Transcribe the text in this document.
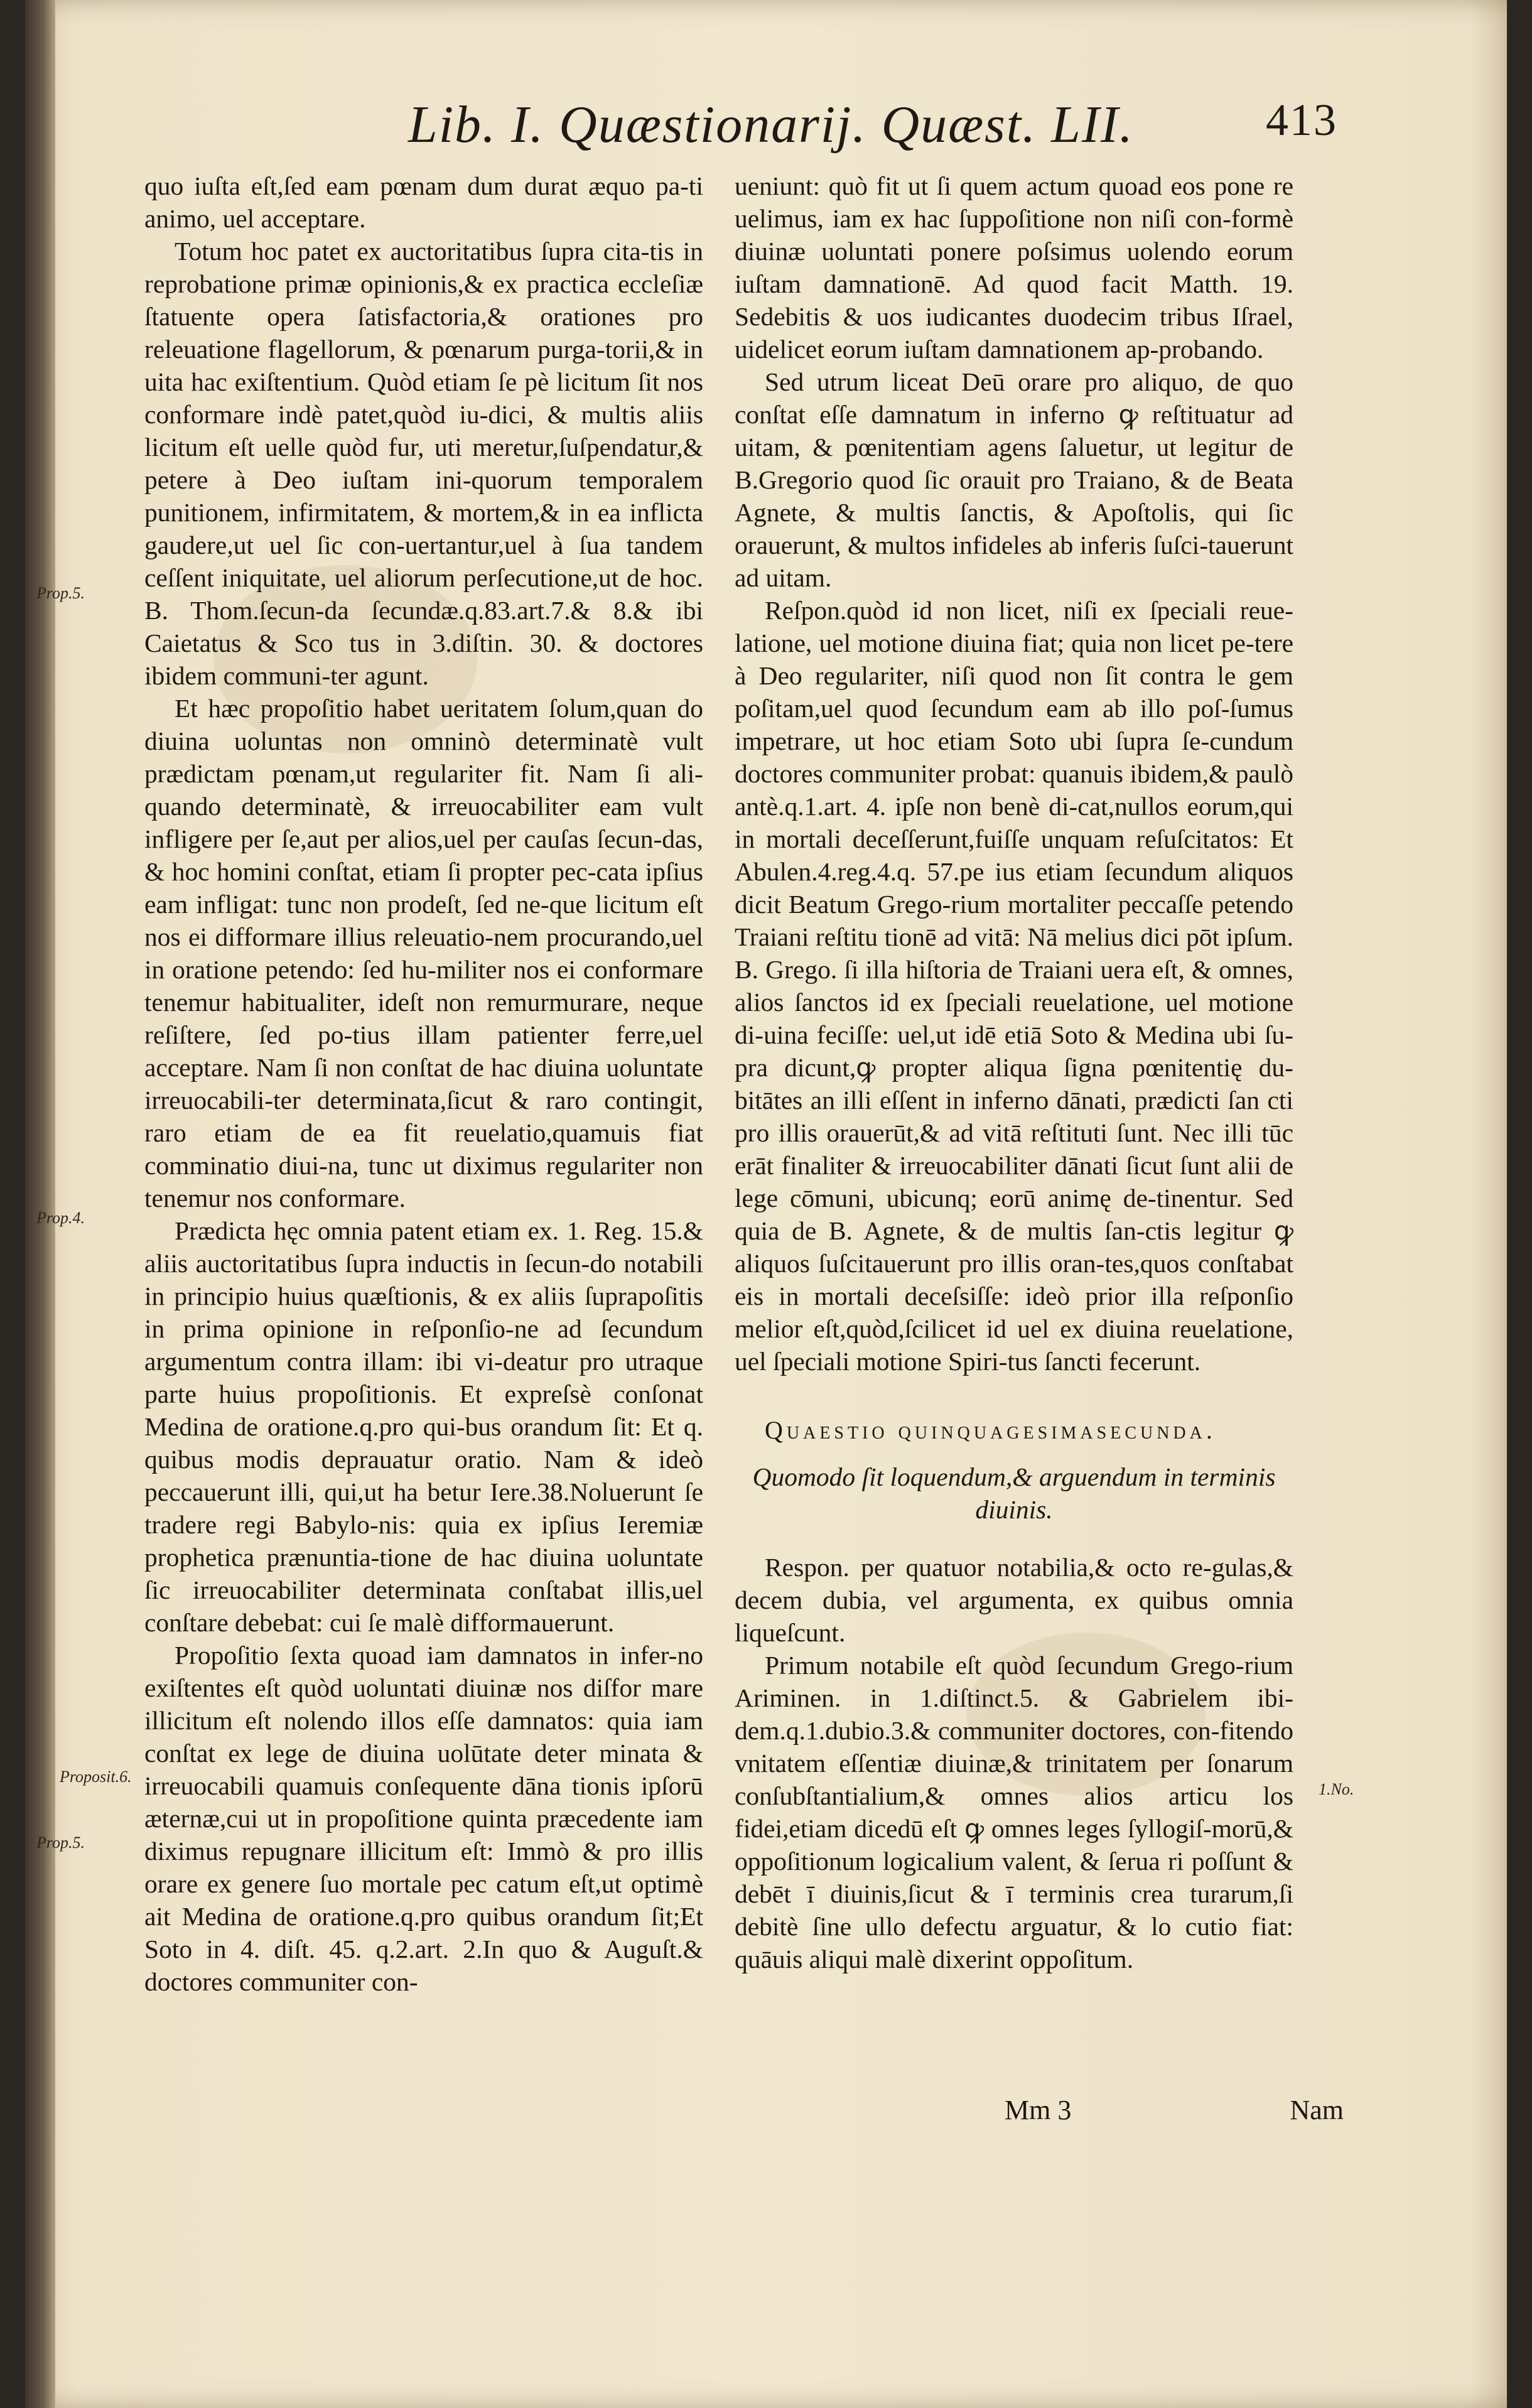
Lib. I. Quæstionarij. Quæst. LII.	413
Prop.5.
Prop.4.
Proposit.6.
Prop.5.
1.No.

quo iuſta eſt,ſed eam pœnam dum durat æquo pa-ti animo, uel acceptare.

Totum hoc patet ex auctoritatibus ſupra cita-tis in reprobatione primæ opinionis,& ex practica eccleſiæ ſtatuente opera ſatisfactoria,& orationes pro releuatione flagellorum, & pœnarum purga-torii,& in uita hac exiſtentium. Quòd etiam ſe pè licitum ſit nos conformare indè patet,quòd iu-dici, & multis aliis licitum eſt uelle quòd fur, uti meretur,ſuſpendatur,& petere à Deo iuſtam ini-quorum temporalem punitionem, infirmitatem, & mortem,& in ea inflicta gaudere,ut uel ſic con-uertantur,uel à ſua tandem ceſſent iniquitate, uel aliorum perſecutione,ut de hoc. B. Thom.ſecun-da ſecundæ.q.83.art.7.& 8.& ibi Caietatus & Sco tus in 3.diſtin. 30. & doctores ibidem communi-ter agunt.

Et hæc propoſitio habet ueritatem ſolum,quan do diuina uoluntas non omninò determinatè vult prædictam pœnam,ut regulariter fit. Nam ſi ali-quando determinatè, & irreuocabiliter eam vult infligere per ſe,aut per alios,uel per cauſas ſecun-das, & hoc homini conſtat, etiam ſi propter pec-cata ipſius eam infligat: tunc non prodeſt, ſed ne-que licitum eſt nos ei difformare illius releuatio-nem procurando,uel in oratione petendo: ſed hu-militer nos ei conformare tenemur habitualiter, ideſt non remurmurare, neque reſiſtere, ſed po-tius illam patienter ferre,uel acceptare. Nam ſi non conſtat de hac diuina uoluntate irreuocabili-ter determinata,ſicut & raro contingit, raro etiam de ea fit reuelatio,quamuis fiat comminatio diui-na, tunc ut diximus regulariter non tenemur nos conformare.

Prædicta hęc omnia patent etiam ex. 1. Reg. 15.& aliis auctoritatibus ſupra inductis in ſecun-do notabili in principio huius quæſtionis, & ex aliis ſuprapoſitis in prima opinione in reſponſio-ne ad ſecundum argumentum contra illam: ibi vi-deatur pro utraque parte huius propoſitionis. Et expreſsè conſonat Medina de oratione.q.pro qui-bus orandum ſit: Et q. quibus modis deprauatur oratio. Nam & ideò peccauerunt illi, qui,ut ha betur Iere.38.Noluerunt ſe tradere regi Babylo-nis: quia ex ipſius Ieremiæ prophetica prænuntia-tione de hac diuina uoluntate ſic irreuocabiliter determinata conſtabat illis,uel conſtare debebat: cui ſe malè difformauerunt.

Propoſitio ſexta quoad iam damnatos in infer-no exiſtentes eſt quòd uoluntati diuinæ nos diſfor mare illicitum eſt nolendo illos eſſe damnatos: quia iam conſtat ex lege de diuina uolūtate deter minata & irreuocabili quamuis conſequente dāna tionis ipſorū æternæ,cui ut in propoſitione quinta præcedente iam diximus repugnare illicitum eſt: Immò & pro illis orare ex genere ſuo mortale pec catum eſt,ut optimè ait Medina de oratione.q.pro quibus orandum ſit;Et Soto in 4. diſt. 45. q.2.art. 2.In quo & Auguſt.& doctores communiter con-

ueniunt: quò fit ut ſi quem actum quoad eos pone re uelimus, iam ex hac ſuppoſitione non niſi con-formè diuinæ uoluntati ponere poſsimus uolendo eorum iuſtam damnationē. Ad quod facit Matth. 19. Sedebitis & uos iudicantes duodecim tribus Iſrael, uidelicet eorum iuſtam damnationem ap-probando.

Sed utrum liceat Deū orare pro aliquo, de quo conſtat eſſe damnatum in inferno ꝙ reſtituatur ad uitam, & pœnitentiam agens ſaluetur, ut legitur de B.Gregorio quod ſic orauit pro Traiano, & de Beata Agnete, & multis ſanctis, & Apoſtolis, qui ſic orauerunt, & multos infideles ab inferis ſuſci-tauerunt ad uitam.

Reſpon.quòd id non licet, niſi ex ſpeciali reue-latione, uel motione diuina fiat; quia non licet pe-tere à Deo regulariter, niſi quod non ſit contra le gem poſitam,uel quod ſecundum eam ab illo poſ-ſumus impetrare, ut hoc etiam Soto ubi ſupra ſe-cundum doctores communiter probat: quanuis ibidem,& paulò antè.q.1.art. 4. ipſe non benè di-cat,nullos eorum,qui in mortali deceſſerunt,fuiſſe unquam reſuſcitatos: Et Abulen.4.reg.4.q. 57.pe ius etiam ſecundum aliquos dicit Beatum Grego-rium mortaliter peccaſſe petendo Traiani reſtitu tionē ad vitā: Nā melius dici pōt ipſum. B. Grego. ſi illa hiſtoria de Traiani uera eſt, & omnes, alios ſanctos id ex ſpeciali reuelatione, uel motione di-uina feciſſe: uel,ut idē etiā Soto & Medina ubi ſu-pra dicunt,ꝙ propter aliqua ſigna pœnitentię du-bitātes an illi eſſent in inferno dānati, prædicti ſan cti pro illis orauerūt,& ad vitā reſtituti ſunt. Nec illi tūc erāt finaliter & irreuocabiliter dānati ſicut ſunt alii de lege cōmuni, ubicunq; eorū animę de-tinentur. Sed quia de B. Agnete, & de multis ſan-ctis legitur ꝙ aliquos ſuſcitauerunt pro illis oran-tes,quos conſtabat eis in mortali deceſsiſſe: ideò prior illa reſponſio melior eſt,quòd,ſcilicet id uel ex diuina reuelatione, uel ſpeciali motione Spiri-tus ſancti fecerunt.

Quaestio quinquagesimasecunda.

Quomodo ſit loquendum,& arguendum in terminis diuinis.

Respon. per quatuor notabilia,& octo re-gulas,& decem dubia, vel argumenta, ex quibus omnia liqueſcunt.

Primum notabile eſt quòd ſecundum Grego-rium Ariminen. in 1.diſtinct.5. & Gabrielem ibi-dem.q.1.dubio.3.& communiter doctores, con-fitendo vnitatem eſſentiæ diuinæ,& trinitatem per ſonarum conſubſtantialium,& omnes alios articu los fidei,etiam dicedū eſt ꝙ omnes leges ſyllogiſ-morū,& oppoſitionum logicalium valent, & ſerua ri poſſunt & debēt ī diuinis,ſicut & ī terminis crea turarum,ſi debitè ſine ullo defectu arguatur, & lo cutio fiat: quāuis aliqui malè dixerint oppoſitum.

Mm 3	Nam
